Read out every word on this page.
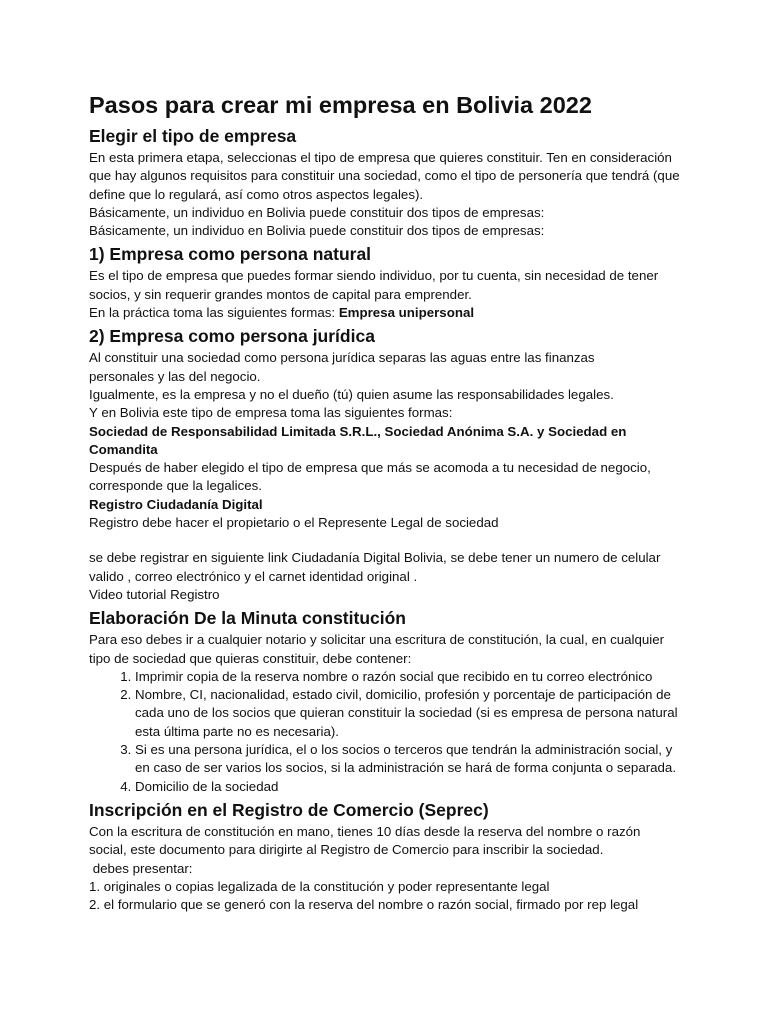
Pasos para crear mi empresa en Bolivia 2022
Elegir el tipo de empresa

En esta primera etapa, seleccionas el tipo de empresa que quieres constituir. Ten en consideración que hay algunos requisitos para constituir una sociedad, como el tipo de personería que tendrá (que define que lo regulará, así como otros aspectos legales).

Básicamente, un individuo en Bolivia puede constituir dos tipos de empresas:

Básicamente, un individuo en Bolivia puede constituir dos tipos de empresas:

1) Empresa como persona natural

Es el tipo de empresa que puedes formar siendo individuo, por tu cuenta, sin necesidad de tener socios, y sin requerir grandes montos de capital para emprender.

En la práctica toma las siguientes formas: Empresa unipersonal

2) Empresa como persona jurídica

Al constituir una sociedad como persona jurídica separas las aguas entre las finanzas personales y las del negocio.

Igualmente, es la empresa y no el dueño (tú) quien asume las responsabilidades legales.

Y en Bolivia este tipo de empresa toma las siguientes formas:

Sociedad de Responsabilidad Limitada S.R.L., Sociedad Anónima S.A. y Sociedad en Comandita

Después de haber elegido el tipo de empresa que más se acomoda a tu necesidad de negocio, corresponde que la legalices.

Registro Ciudadanía Digital

Registro debe hacer el propietario o el Represente Legal de sociedad

se debe registrar en siguiente link Ciudadanía Digital Bolivia, se debe tener un numero de celular valido , correo electrónico y el carnet identidad original .

Video tutorial Registro

Elaboración De la Minuta constitución

Para eso debes ir a cualquier notario y solicitar una escritura de constitución, la cual, en cualquier tipo de sociedad que quieras constituir, debe contener:

1. Imprimir copia de la reserva nombre o razón social que recibido en tu correo electrónico
2. Nombre, CI, nacionalidad, estado civil, domicilio, profesión y porcentaje de participación de cada uno de los socios que quieran constituir la sociedad (si es empresa de persona natural esta última parte no es necesaria).
3. Si es una persona jurídica, el o los socios o terceros que tendrán la administración social, y en caso de ser varios los socios, si la administración se hará de forma conjunta o separada.
4. Domicilio de la sociedad
Inscripción en el Registro de Comercio (Seprec)

Con la escritura de constitución en mano, tienes 10 días desde la reserva del nombre o razón social, este documento para dirigirte al Registro de Comercio para inscribir la sociedad.

debes presentar:

1. originales o copias legalizada de la constitución y poder representante legal

2. el formulario que se generó con la reserva del nombre o razón social, firmado por rep legal
